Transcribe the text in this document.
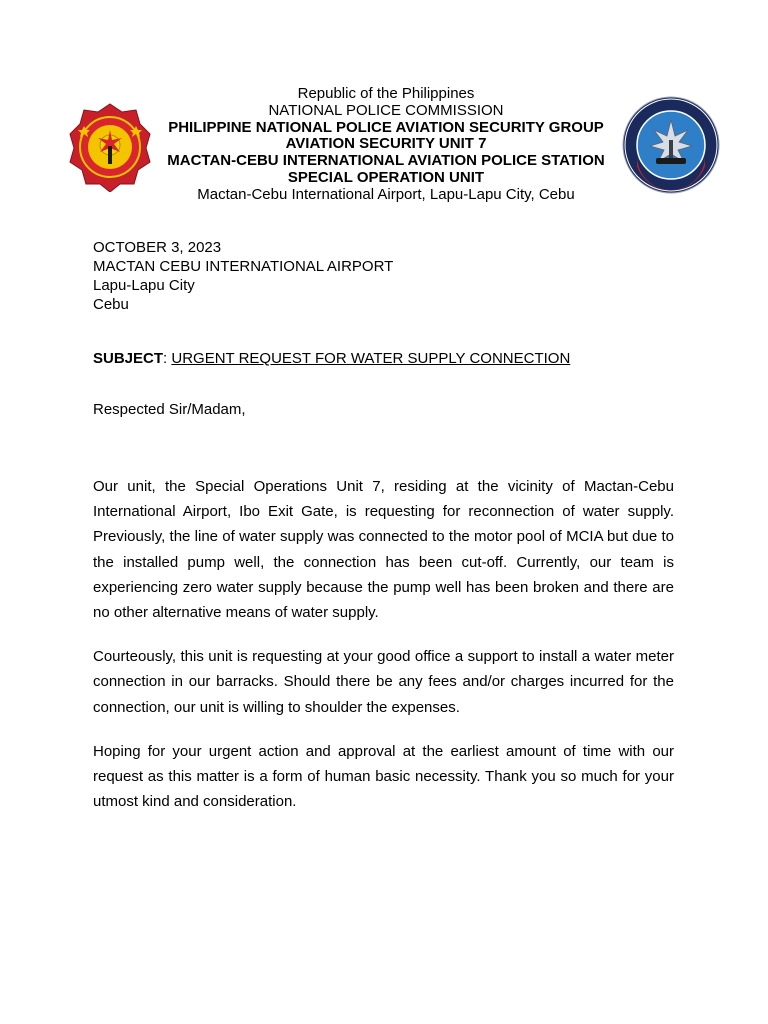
Republic of the Philippines
NATIONAL POLICE COMMISSION
PHILIPPINE NATIONAL POLICE AVIATION SECURITY GROUP
AVIATION SECURITY UNIT 7
MACTAN-CEBU INTERNATIONAL AVIATION POLICE STATION
SPECIAL OPERATION UNIT
Mactan-Cebu International Airport, Lapu-Lapu City, Cebu
OCTOBER 3, 2023
MACTAN CEBU INTERNATIONAL AIRPORT
Lapu-Lapu City
Cebu
SUBJECT: URGENT REQUEST FOR WATER SUPPLY CONNECTION
Respected Sir/Madam,

Our unit, the Special Operations Unit 7, residing at the vicinity of Mactan-Cebu International Airport, Ibo Exit Gate, is requesting for reconnection of water supply. Previously, the line of water supply was connected to the motor pool of MCIA but due to the installed pump well, the connection has been cut-off. Currently, our team is experiencing zero water supply because the pump well has been broken and there are no other alternative means of water supply.

Courteously, this unit is requesting at your good office a support to install a water meter connection in our barracks. Should there be any fees and/or charges incurred for the connection, our unit is willing to shoulder the expenses.

Hoping for your urgent action and approval at the earliest amount of time with our request as this matter is a form of human basic necessity. Thank you so much for your utmost kind and consideration.
